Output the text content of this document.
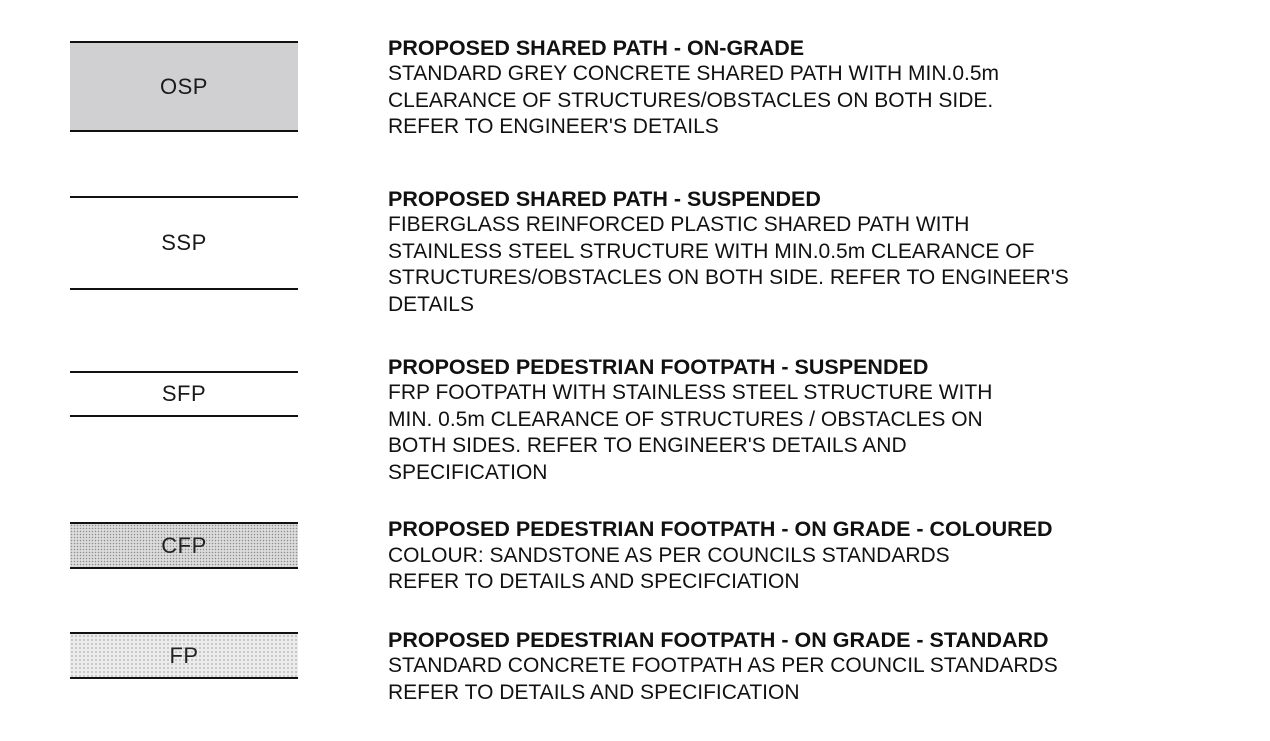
OSP
PROPOSED SHARED PATH - ON-GRADE
STANDARD GREY CONCRETE SHARED PATH WITH MIN.0.5m
CLEARANCE OF STRUCTURES/OBSTACLES ON BOTH SIDE.
REFER TO ENGINEER'S DETAILS
SSP
PROPOSED SHARED PATH - SUSPENDED
FIBERGLASS REINFORCED PLASTIC SHARED PATH WITH
STAINLESS STEEL STRUCTURE WITH MIN.0.5m CLEARANCE OF
STRUCTURES/OBSTACLES ON BOTH SIDE. REFER TO ENGINEER'S
DETAILS
SFP
PROPOSED PEDESTRIAN FOOTPATH - SUSPENDED
FRP FOOTPATH WITH STAINLESS STEEL STRUCTURE WITH
MIN. 0.5m CLEARANCE OF STRUCTURES / OBSTACLES ON
BOTH SIDES. REFER TO ENGINEER'S DETAILS AND
SPECIFICATION
CFP
PROPOSED PEDESTRIAN FOOTPATH - ON GRADE - COLOURED
COLOUR: SANDSTONE AS PER COUNCILS STANDARDS
REFER TO DETAILS AND SPECIFCIATION
FP
PROPOSED PEDESTRIAN FOOTPATH - ON GRADE - STANDARD
STANDARD CONCRETE FOOTPATH AS PER COUNCIL STANDARDS
REFER TO DETAILS AND SPECIFICATION
